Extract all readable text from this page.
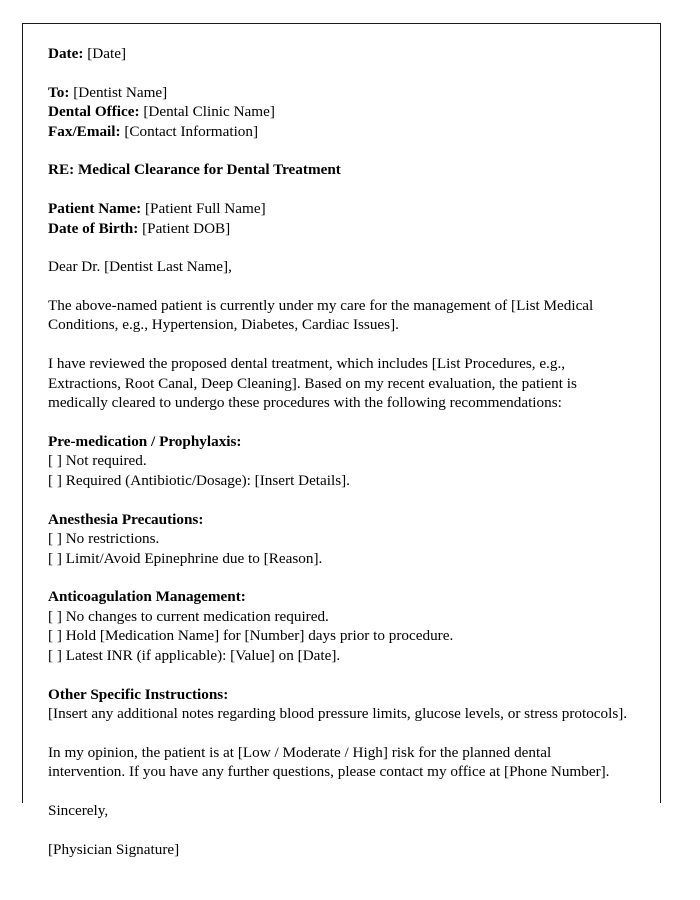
Date: [Date]
To: [Dentist Name]
Dental Office: [Dental Clinic Name]
Fax/Email: [Contact Information]
RE: Medical Clearance for Dental Treatment
Patient Name: [Patient Full Name]
Date of Birth: [Patient DOB]
Dear Dr. [Dentist Last Name],

The above-named patient is currently under my care for the management of [List Medical Conditions, e.g., Hypertension, Diabetes, Cardiac Issues].

I have reviewed the proposed dental treatment, which includes [List Procedures, e.g., Extractions, Root Canal, Deep Cleaning]. Based on my recent evaluation, the patient is medically cleared to undergo these procedures with the following recommendations:

Pre-medication / Prophylaxis:
[ ] Not required.
[ ] Required (Antibiotic/Dosage): [Insert Details].
Anesthesia Precautions:
[ ] No restrictions.
[ ] Limit/Avoid Epinephrine due to [Reason].
Anticoagulation Management:
[ ] No changes to current medication required.
[ ] Hold [Medication Name] for [Number] days prior to procedure.
[ ] Latest INR (if applicable): [Value] on [Date].
Other Specific Instructions:
[Insert any additional notes regarding blood pressure limits, glucose levels, or stress protocols].

In my opinion, the patient is at [Low / Moderate / High] risk for the planned dental intervention. If you have any further questions, please contact my office at [Phone Number].

Sincerely,
[Physician Signature]
